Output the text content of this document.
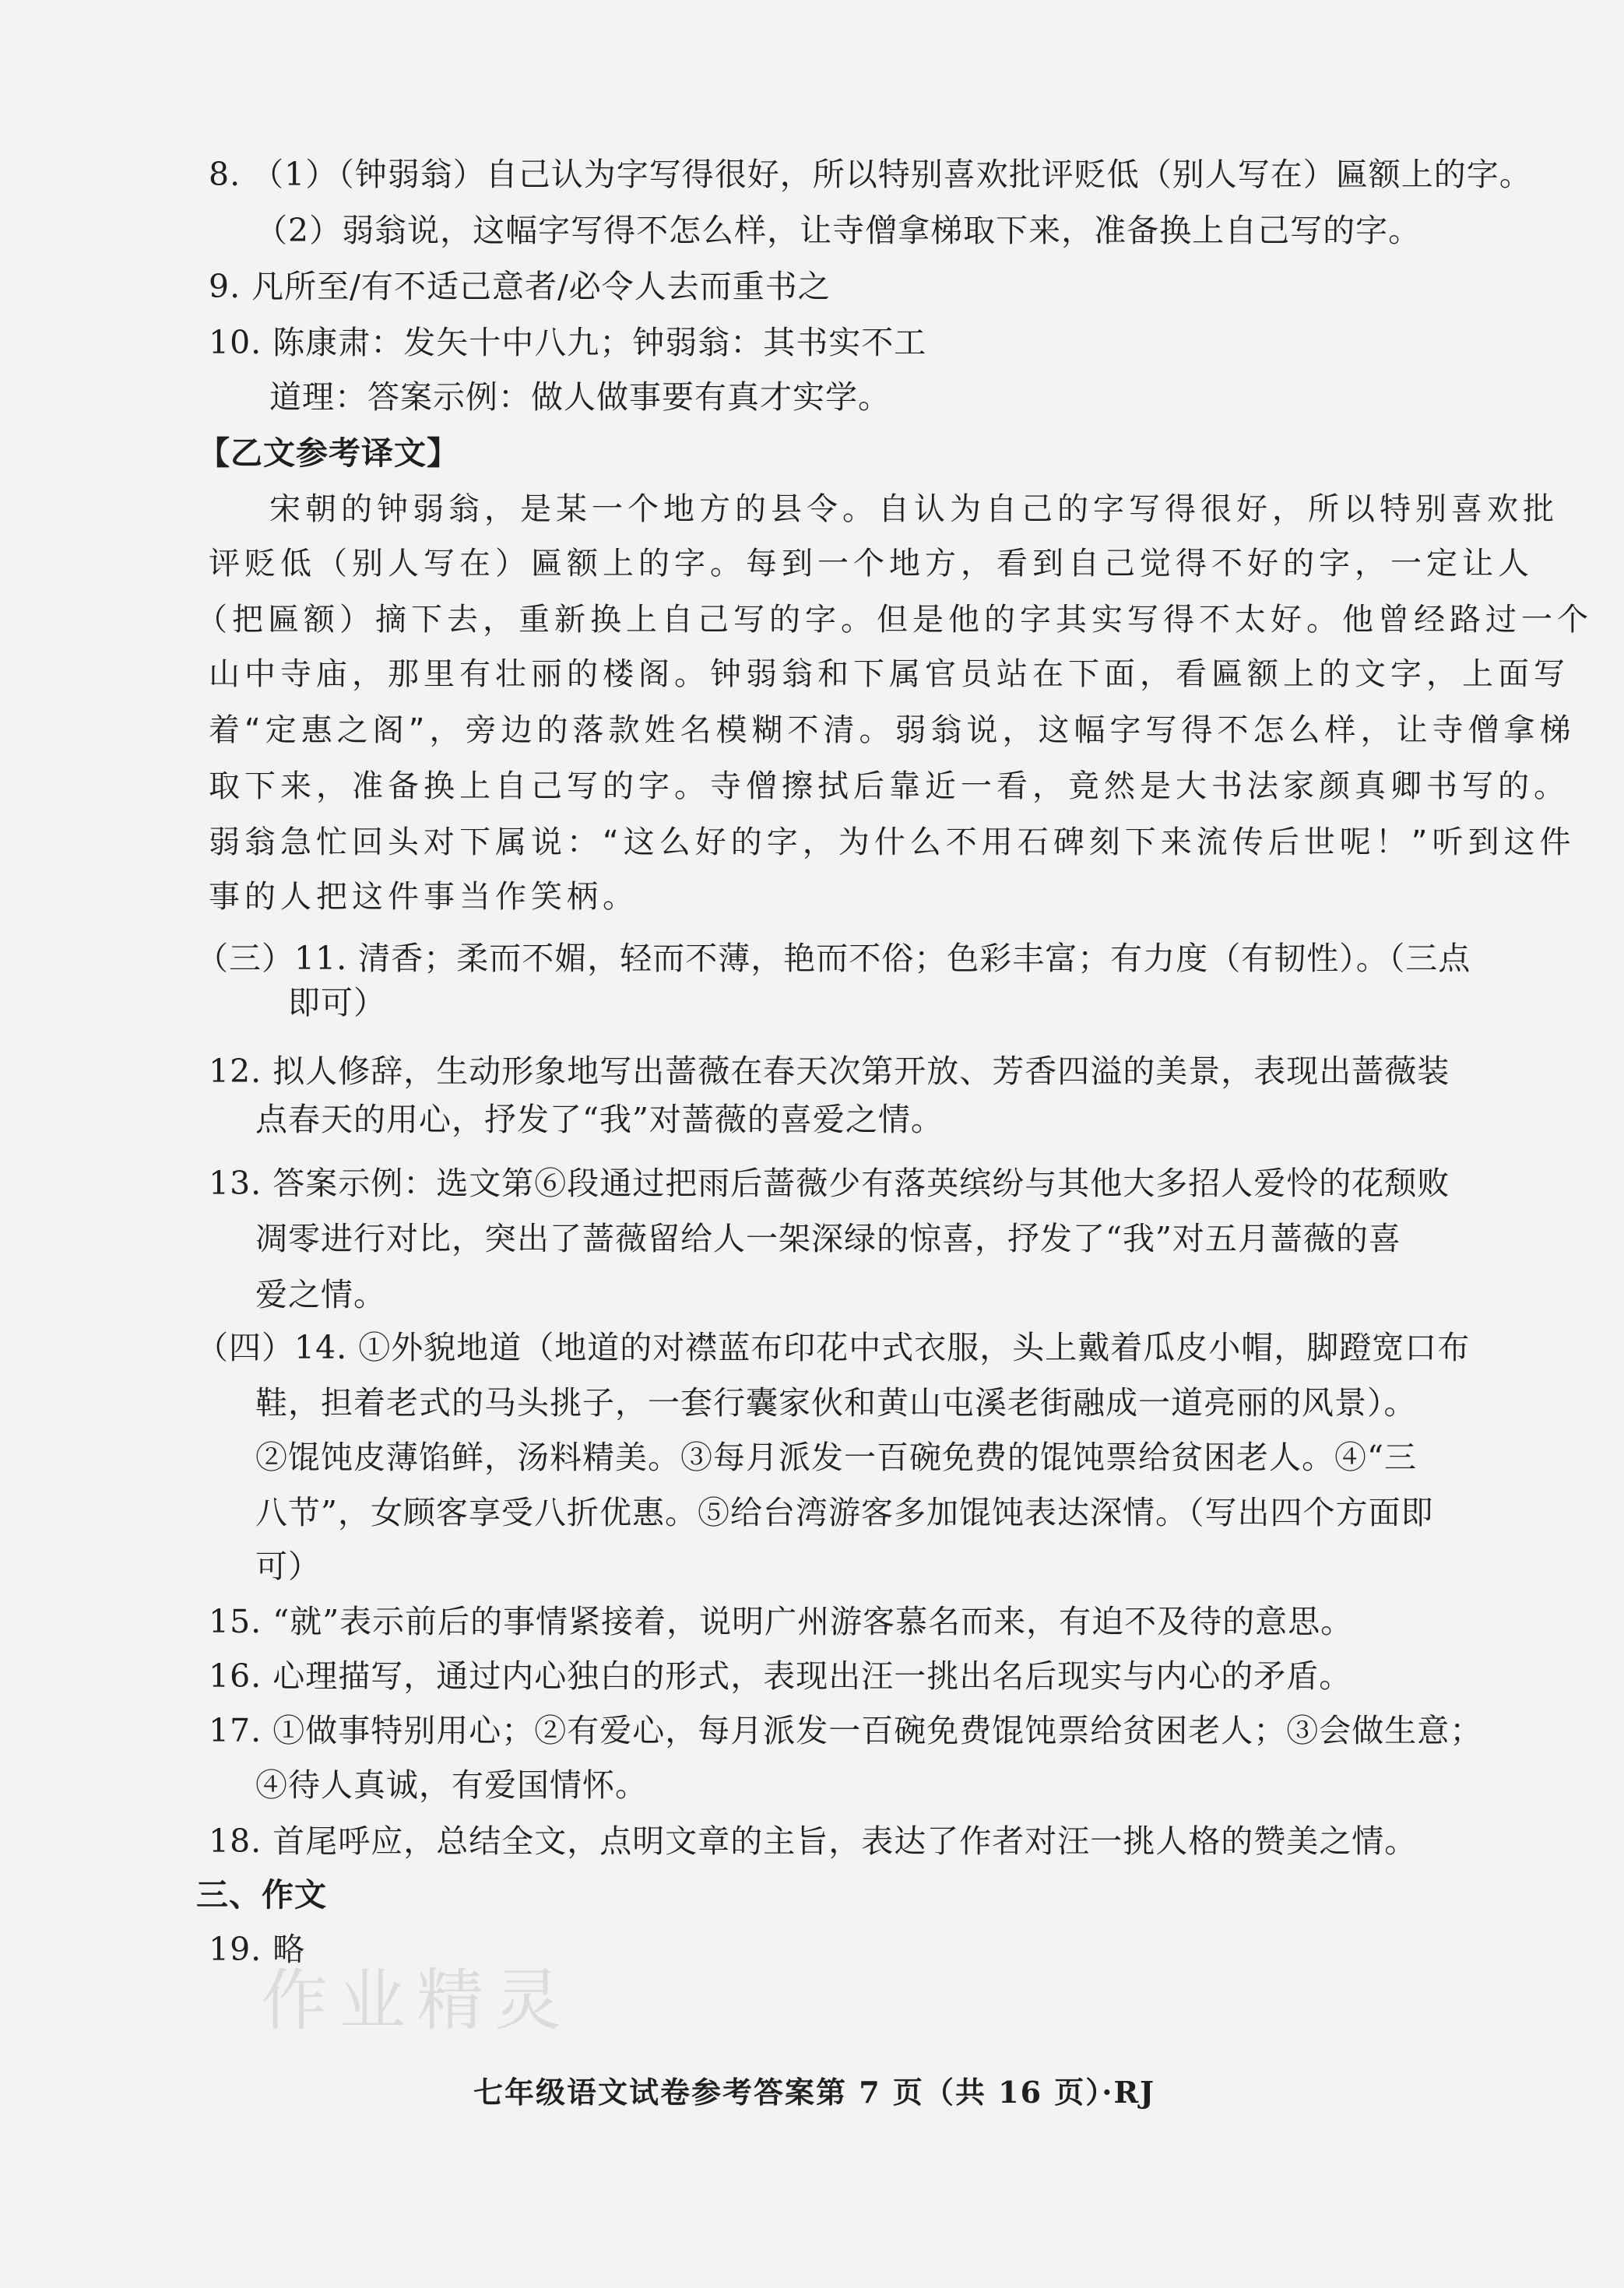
8. （1）（钟弱翁）自己认为字写得很好，所以特别喜欢批评贬低（别人写在）匾额上的字。
（2）弱翁说，这幅字写得不怎么样，让寺僧拿梯取下来，准备换上自己写的字。
9. 凡所至/有不适己意者/必令人去而重书之
10. 陈康肃：发矢十中八九；钟弱翁：其书实不工
道理：答案示例：做人做事要有真才实学。
【乙文参考译文】
宋朝的钟弱翁，是某一个地方的县令。自认为自己的字写得很好，所以特别喜欢批
评贬低（别人写在）匾额上的字。每到一个地方，看到自己觉得不好的字，一定让人
（把匾额）摘下去，重新换上自己写的字。但是他的字其实写得不太好。他曾经路过一个
山中寺庙，那里有壮丽的楼阁。钟弱翁和下属官员站在下面，看匾额上的文字，上面写
着“定惠之阁”，旁边的落款姓名模糊不清。弱翁说，这幅字写得不怎么样，让寺僧拿梯
取下来，准备换上自己写的字。寺僧擦拭后靠近一看，竟然是大书法家颜真卿书写的。
弱翁急忙回头对下属说：“这么好的字，为什么不用石碑刻下来流传后世呢！”听到这件
事的人把这件事当作笑柄。
（三）11. 清香；柔而不媚，轻而不薄，艳而不俗；色彩丰富；有力度（有韧性）。（三点
即可）
12. 拟人修辞，生动形象地写出蔷薇在春天次第开放、芳香四溢的美景，表现出蔷薇装
点春天的用心，抒发了“我”对蔷薇的喜爱之情。
13. 答案示例：选文第⑥段通过把雨后蔷薇少有落英缤纷与其他大多招人爱怜的花颓败
凋零进行对比，突出了蔷薇留给人一架深绿的惊喜，抒发了“我”对五月蔷薇的喜
爱之情。
（四）14. ①外貌地道（地道的对襟蓝布印花中式衣服，头上戴着瓜皮小帽，脚蹬宽口布
鞋，担着老式的马头挑子，一套行囊家伙和黄山屯溪老街融成一道亮丽的风景）。
②馄饨皮薄馅鲜，汤料精美。③每月派发一百碗免费的馄饨票给贫困老人。④“三
八节”，女顾客享受八折优惠。⑤给台湾游客多加馄饨表达深情。（写出四个方面即
可）
15. “就”表示前后的事情紧接着，说明广州游客慕名而来，有迫不及待的意思。
16. 心理描写，通过内心独白的形式，表现出汪一挑出名后现实与内心的矛盾。
17. ①做事特别用心；②有爱心，每月派发一百碗免费馄饨票给贫困老人；③会做生意；
④待人真诚，有爱国情怀。
18. 首尾呼应，总结全文，点明文章的主旨，表达了作者对汪一挑人格的赞美之情。
三、作文
19. 略
作业精灵
七年级语文试卷参考答案第 7 页（共 16 页）·RJ
